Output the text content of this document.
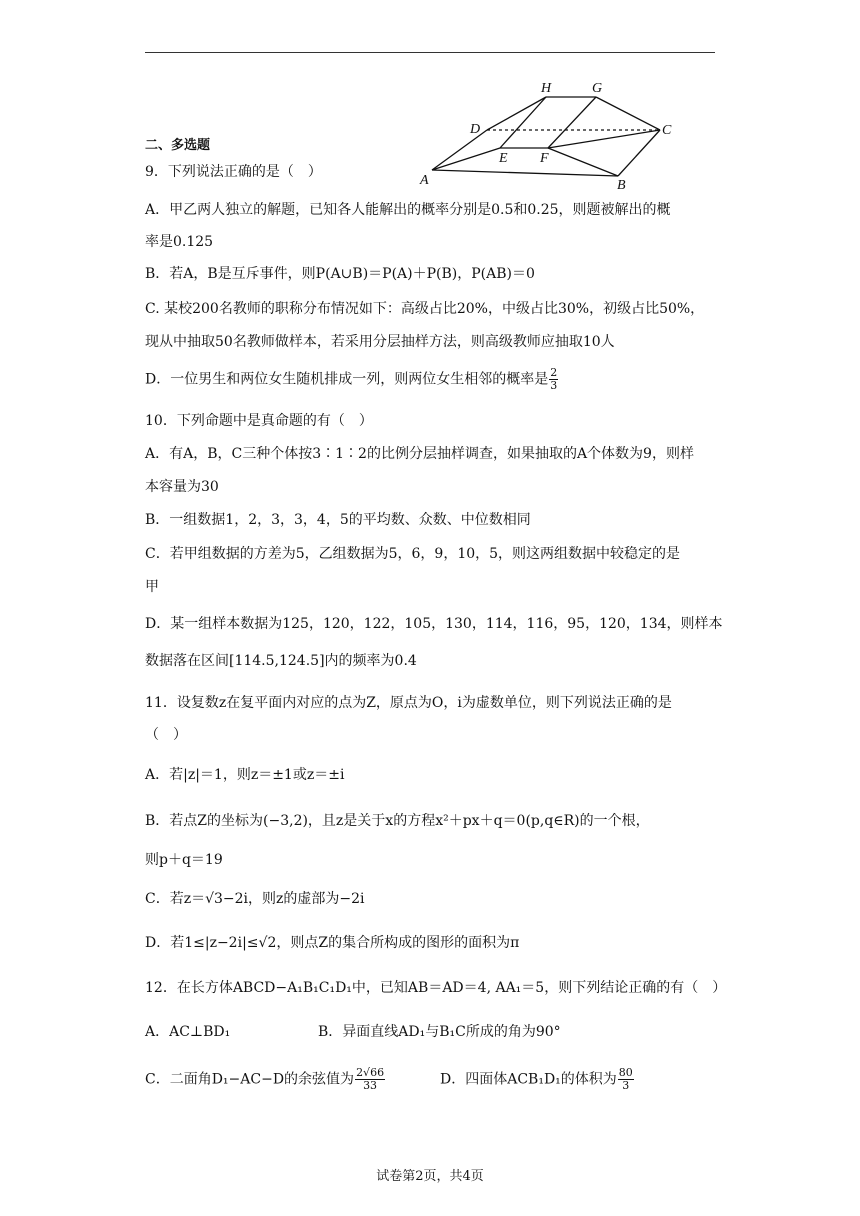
H	G
D	C
E F
A	B
二、多选题
9．下列说法正确的是（　）
A．甲乙两人独立的解题，已知各人能解出的概率分别是0.5和0.25，则题被解出的概
率是0.125
B．若A，B是互斥事件，则P(A∪B)＝P(A)＋P(B)，P(AB)＝0
C. 某校200名教师的职称分布情况如下：高级占比20%，中级占比30%，初级占比50%，
现从中抽取50名教师做样本，若采用分层抽样方法，则高级教师应抽取10人
D．一位男生和两位女生随机排成一列，则两位女生相邻的概率是 $\frac{2}{3}$
10．下列命题中是真命题的有（　）
A．有A，B，C三种个体按3∶1∶2的比例分层抽样调查，如果抽取的A个体数为9，则样
本容量为30
B．一组数据1，2，3，3，4，5的平均数、众数、中位数相同
C．若甲组数据的方差为5，乙组数据为5，6，9，10，5，则这两组数据中较稳定的是
甲
D．某一组样本数据为125，120，122，105，130，114，116，95，120，134，则样本
数据落在区间[114.5,124.5]内的频率为0.4
11．设复数z在复平面内对应的点为Z，原点为O，i为虚数单位，则下列说法正确的是
（　）
A．若|z|＝1，则z＝±1或z＝±i
B．若点Z的坐标为(−3,2)，且z是关于x的方程x²＋px＋q＝0(p,q∈R)的一个根，
则p＋q＝19
C．若z＝√3−2i，则z的虚部为−2i
D．若1≤|z−2i|≤√2，则点Z的集合所构成的图形的面积为π
12．在长方体ABCD−A₁B₁C₁D₁中，已知AB＝AD＝4, AA₁＝5，则下列结论正确的有（　）
A．AC⊥BD₁	B．异面直线AD₁与B₁C所成的角为90°
C．二面角D₁−AC−D的余弦值为 $\frac{2√66}{33}$	D．四面体ACB₁D₁的体积为 $\frac{80}{3}$
试卷第2页，共4页
